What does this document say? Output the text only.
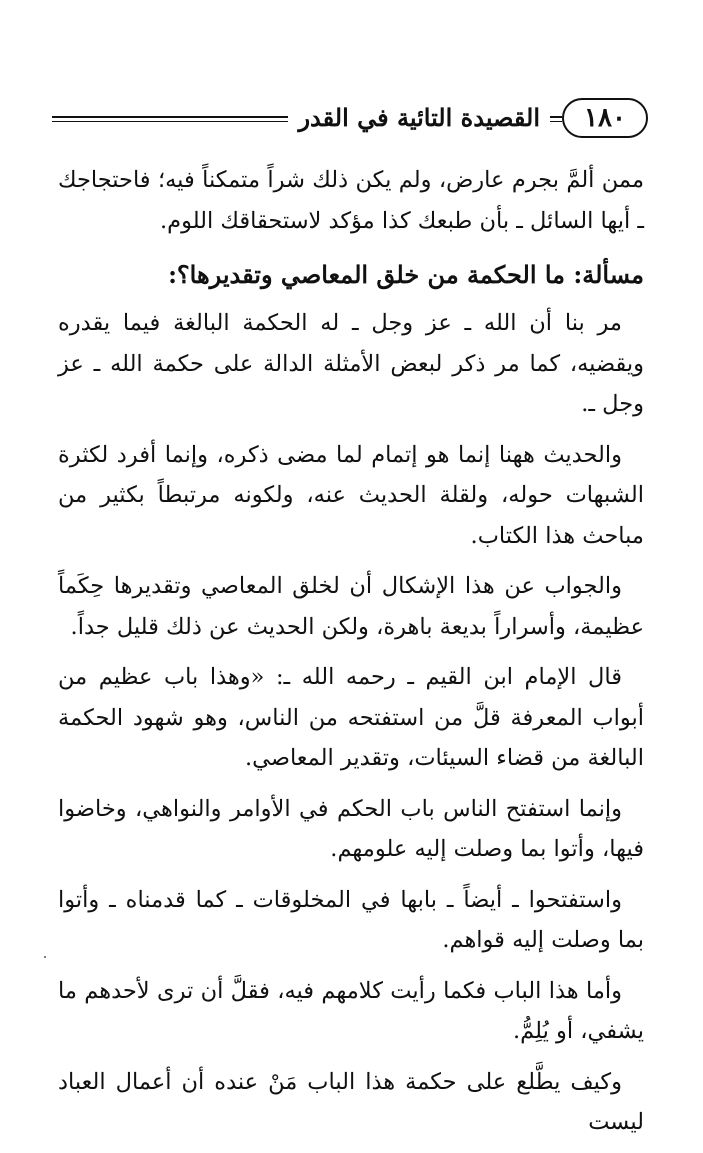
١٨٠
القصيدة التائية في القدر

ممن ألمَّ بجرم عارض، ولم يكن ذلك شراً متمكناً فيه؛ فاحتجاجك ـ أيها السائل ـ بأن طبعك كذا مؤكد لاستحقاقك اللوم.

مسألة: ما الحكمة من خلق المعاصي وتقديرها؟:

مر بنا أن الله ـ عز وجل ـ له الحكمة البالغة فيما يقدره ويقضيه، كما مر ذكر لبعض الأمثلة الدالة على حكمة الله ـ عز وجل ـ.

والحديث ههنا إنما هو إتمام لما مضى ذكره، وإنما أفرد لكثرة الشبهات حوله، ولقلة الحديث عنه، ولكونه مرتبطاً بكثير من مباحث هذا الكتاب.

والجواب عن هذا الإشكال أن لخلق المعاصي وتقديرها حِكَماً عظيمة، وأسراراً بديعة باهرة، ولكن الحديث عن ذلك قليل جداً.

قال الإمام ابن القيم ـ رحمه الله ـ: «وهذا باب عظيم من أبواب المعرفة قلَّ من استفتحه من الناس، وهو شهود الحكمة البالغة من قضاء السيئات، وتقدير المعاصي.

وإنما استفتح الناس باب الحكم في الأوامر والنواهي، وخاضوا فيها، وأتوا بما وصلت إليه علومهم.

واستفتحوا ـ أيضاً ـ بابها في المخلوقات ـ كما قدمناه ـ وأتوا بما وصلت إليه قواهم.

وأما هذا الباب فكما رأيت كلامهم فيه، فقلَّ أن ترى لأحدهم ما يشفي، أو يُلِمُّ.

وكيف يطَّلع على حكمة هذا الباب مَنْ عنده أن أعمال العباد ليست
